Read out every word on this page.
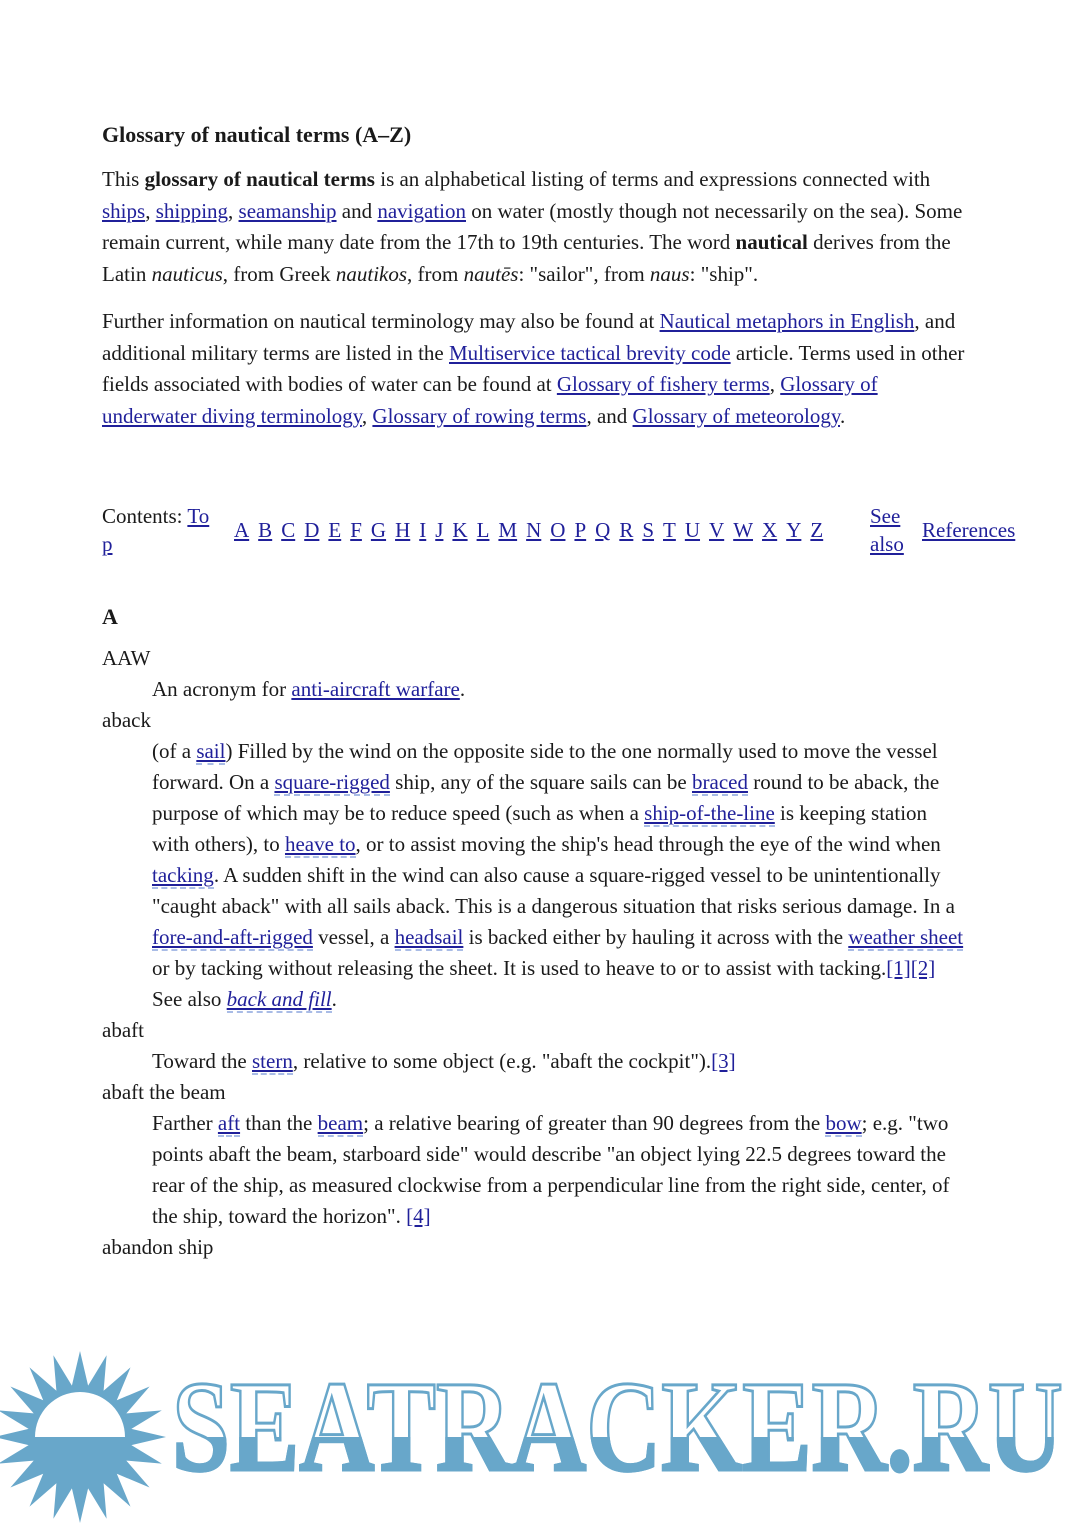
Glossary of nautical terms (A–Z)

This glossary of nautical terms is an alphabetical listing of terms and expressions connected with ships, shipping, seamanship and navigation on water (mostly though not necessarily on the sea). Some remain current, while many date from the 17th to 19th centuries. The word nautical derives from the Latin nauticus, from Greek nautikos, from nautēs: "sailor", from naus: "ship".

Further information on nautical terminology may also be found at Nautical metaphors in English, and additional military terms are listed in the Multiservice tactical brevity code article. Terms used in other fields associated with bodies of water can be found at Glossary of fishery terms, Glossary of underwater diving terminology, Glossary of rowing terms, and Glossary of meteorology.

Contents: Top
A B C D E F G H I J K L M N O P Q R S T U V W X Y Z
See also
References
A
AAW
An acronym for anti-aircraft warfare.
aback
(of a sail) Filled by the wind on the opposite side to the one normally used to move the vessel forward. On a square-rigged ship, any of the square sails can be braced round to be aback, the purpose of which may be to reduce speed (such as when a ship-of-the-line is keeping station with others), to heave to, or to assist moving the ship's head through the eye of the wind when tacking. A sudden shift in the wind can also cause a square-rigged vessel to be unintentionally "caught aback" with all sails aback. This is a dangerous situation that risks serious damage. In a fore-and-aft-rigged vessel, a headsail is backed either by hauling it across with the weather sheet or by tacking without releasing the sheet. It is used to heave to or to assist with tacking.[1][2] See also back and fill.
abaft
Toward the stern, relative to some object (e.g. "abaft the cockpit").[3]
abaft the beam
Farther aft than the beam; a relative bearing of greater than 90 degrees from the bow; e.g. "two points abaft the beam, starboard side" would describe "an object lying 22.5 degrees toward the rear of the ship, as measured clockwise from a perpendicular line from the right side, center, of the ship, toward the horizon". [4]
abandon ship
SEATRACKER.RU
